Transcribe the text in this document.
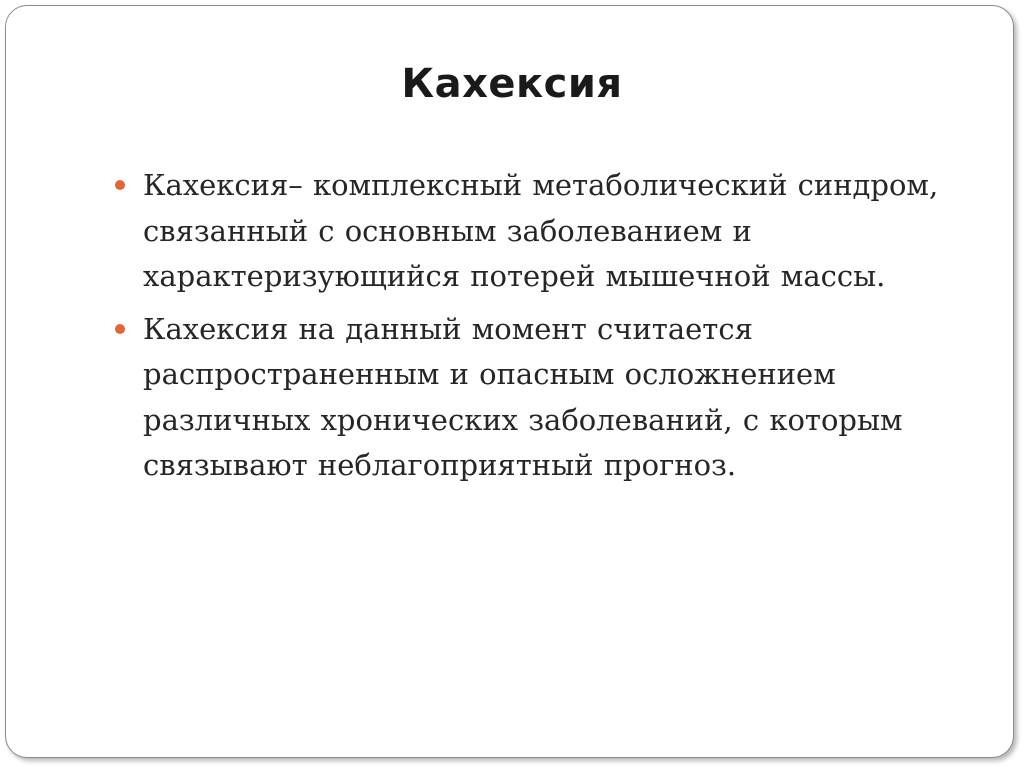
Кахексия
Кахексия– комплексный метаболический синдром, связанный с основным заболеванием и характеризующийся потерей мышечной массы.
Кахексия на данный момент считается распространенным и опасным осложнением различных хронических заболеваний, с которым связывают неблагоприятный прогноз.
